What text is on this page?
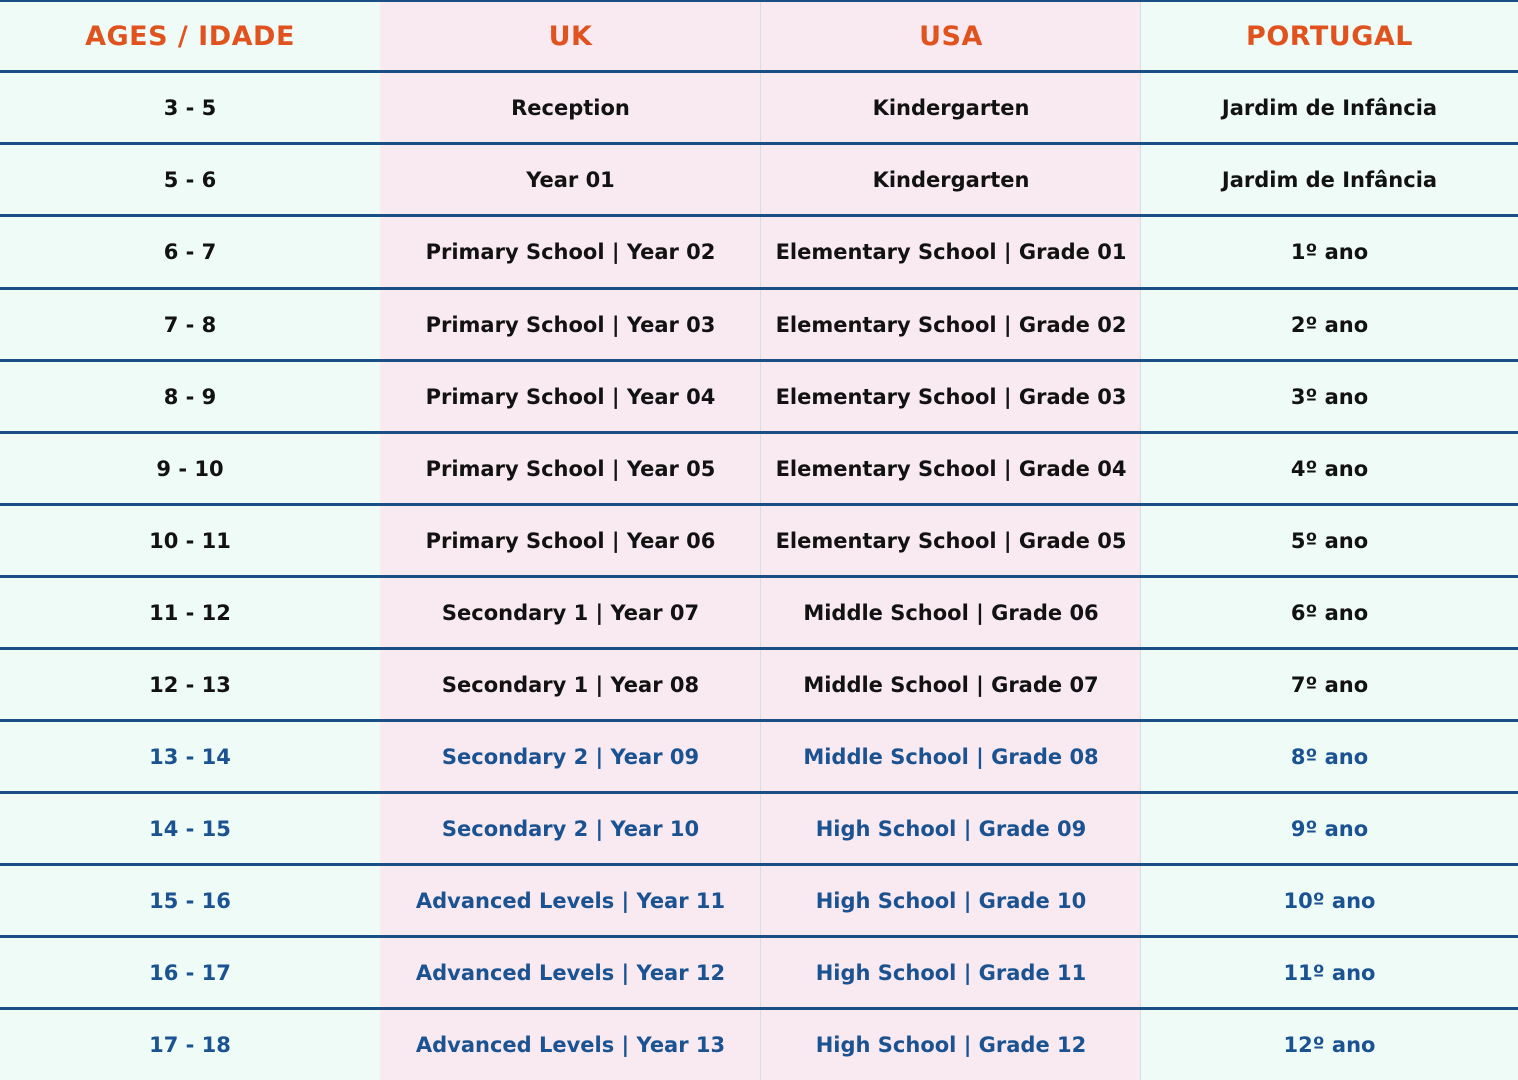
AGES / IDADE	UK	USA	PORTUGAL
3 - 5	Reception	Kindergarten	Jardim de Infância
5 - 6	Year 01	Kindergarten	Jardim de Infância
6 - 7	Primary School | Year 02	Elementary School | Grade 01	1º ano
7 - 8	Primary School | Year 03	Elementary School | Grade 02	2º ano
8 - 9	Primary School | Year 04	Elementary School | Grade 03	3º ano
9 - 10	Primary School | Year 05	Elementary School | Grade 04	4º ano
10 - 11	Primary School | Year 06	Elementary School | Grade 05	5º ano
11 - 12	Secondary 1 | Year 07	Middle School | Grade 06	6º ano
12 - 13	Secondary 1 | Year 08	Middle School | Grade 07	7º ano
13 - 14	Secondary 2 | Year 09	Middle School | Grade 08	8º ano
14 - 15	Secondary 2 | Year 10	High School | Grade 09	9º ano
15 - 16	Advanced Levels | Year 11	High School | Grade 10	10º ano
16 - 17	Advanced Levels | Year 12	High School | Grade 11	11º ano
17 - 18	Advanced Levels | Year 13	High School | Grade 12	12º ano
